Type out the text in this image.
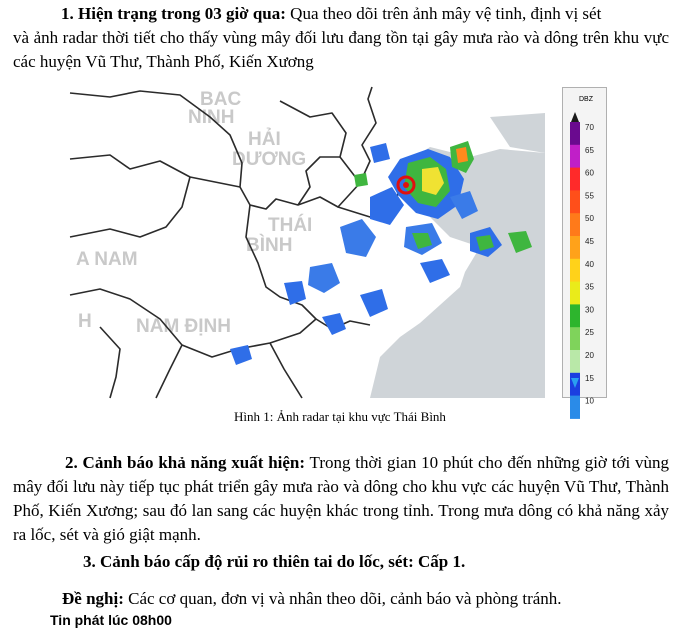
1. Hiện trạng trong 03 giờ qua: Qua theo dõi trên ảnh mây vệ tinh, định vị sét
và ảnh radar thời tiết cho thấy vùng mây đối lưu đang tồn tại gây mưa rào và dông trên khu vực các huyện Vũ Thư, Thành Phố, Kiến Xương
BAC
NINH
HẢI
DƯƠNG
THÁI
BÌNH
A NAM
NAM ĐỊNH
H
DBZ
70
65
60
55
50
45
40
35
30
25
20
15
10
Hình 1: Ảnh radar tại khu vực Thái Bình
2. Cảnh báo khả năng xuất hiện: Trong thời gian 10 phút cho đến những giờ tới vùng mây đối lưu này tiếp tục phát triển gây mưa rào và dông cho khu vực các huyện Vũ Thư, Thành Phố, Kiến Xương; sau đó lan sang các huyện khác trong tỉnh. Trong mưa dông có khả năng xảy ra lốc, sét và gió giật mạnh.
3. Cảnh báo cấp độ rủi ro thiên tai do lốc, sét: Cấp 1.
Đề nghị: Các cơ quan, đơn vị và nhân theo dõi, cảnh báo và phòng tránh.
Tin phát lúc 08h00
